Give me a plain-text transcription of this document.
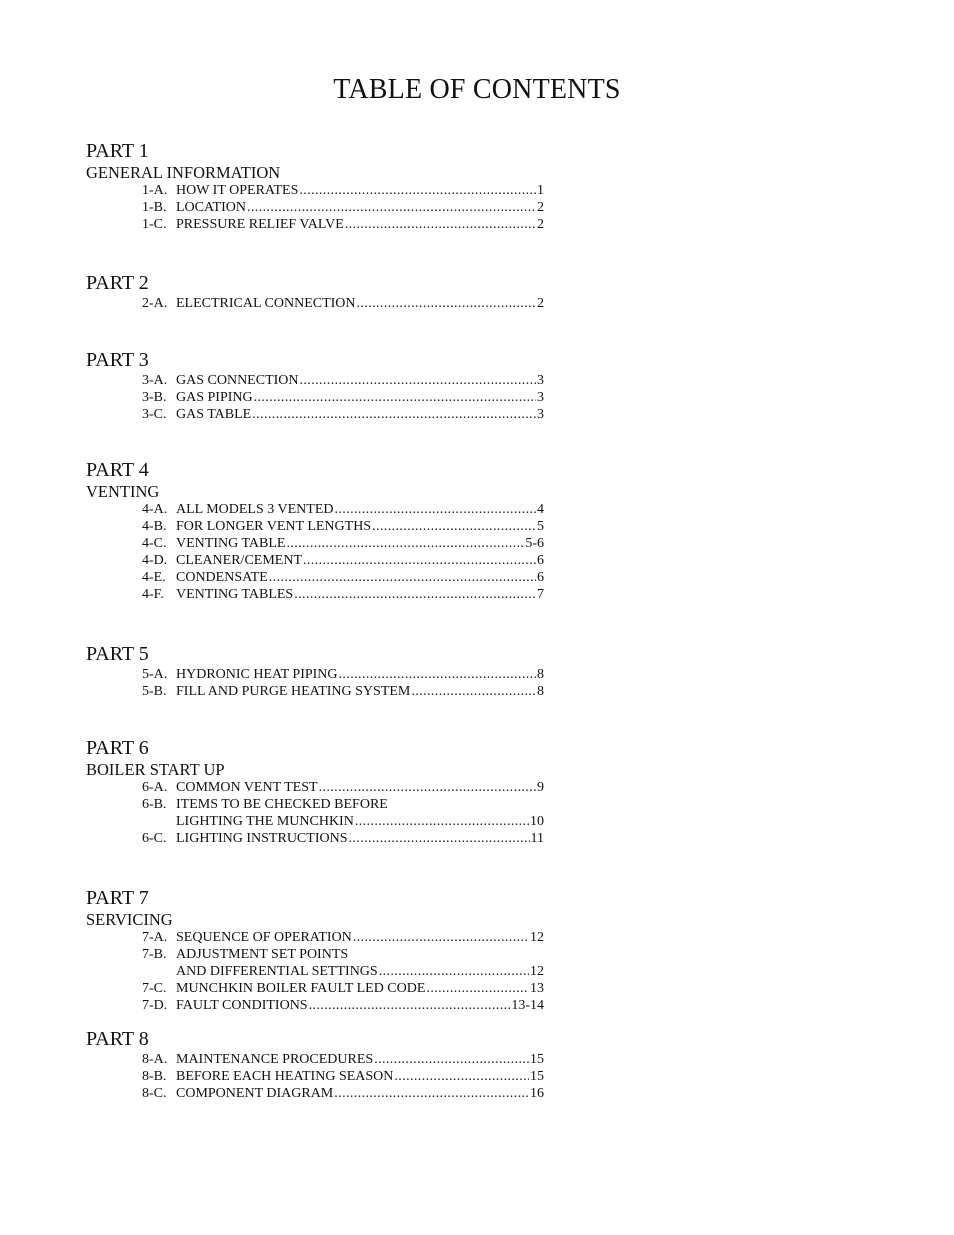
TABLE OF CONTENTS
PART 1
GENERAL INFORMATION
1-A. HOW IT OPERATES .....	1
1-B. LOCATION .....	2
1-C. PRESSURE RELIEF VALVE .....	2
PART 2
2-A. ELECTRICAL CONNECTION .....	2
PART 3
3-A. GAS CONNECTION .....	3
3-B. GAS PIPING .....	3
3-C. GAS TABLE .....	3
PART 4
VENTING
4-A. ALL MODELS 3 VENTED .....	4
4-B. FOR LONGER VENT LENGTHS .....	5
4-C. VENTING TABLE .....	5-6
4-D. CLEANER/CEMENT .....	6
4-E. CONDENSATE .....	6
4-F. VENTING TABLES .....	7
PART 5
5-A. HYDRONIC HEAT PIPING .....	8
5-B. FILL AND PURGE HEATING SYSTEM .....	8
PART 6
BOILER START UP
6-A. COMMON VENT TEST .....	9
6-B. ITEMS TO BE CHECKED BEFORE
LIGHTING THE MUNCHKIN .....	10
6-C. LIGHTING INSTRUCTIONS .....	11
PART 7
SERVICING
7-A. SEQUENCE OF OPERATION .....	12
7-B. ADJUSTMENT SET POINTS
AND DIFFERENTIAL SETTINGS .....	12
7-C. MUNCHKIN BOILER FAULT LED CODE .....	13
7-D. FAULT CONDITIONS .....	13-14
PART 8
8-A. MAINTENANCE PROCEDURES .....	15
8-B. BEFORE EACH HEATING SEASON .....	15
8-C. COMPONENT DIAGRAM .....	16
